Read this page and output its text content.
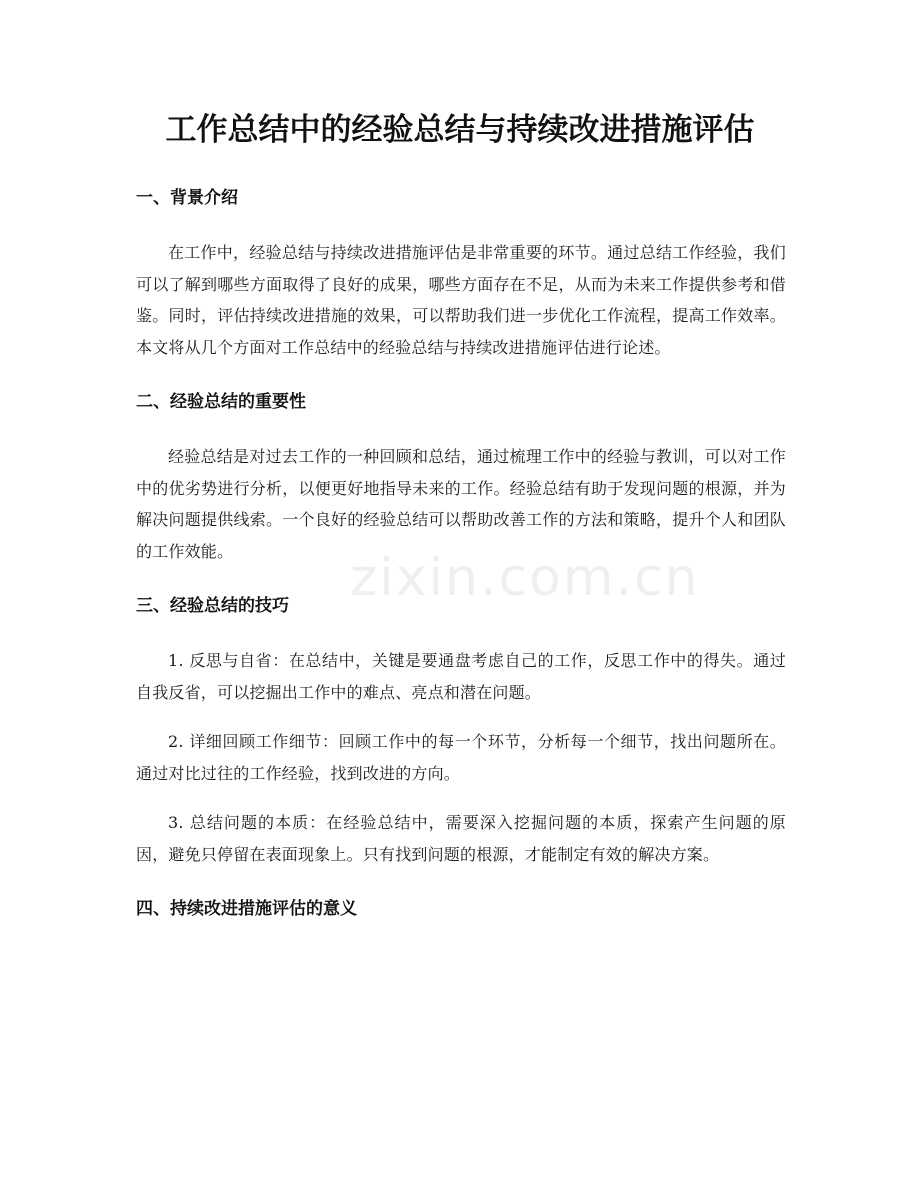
工作总结中的经验总结与持续改进措施评估
一、背景介绍

在工作中，经验总结与持续改进措施评估是非常重要的环节。通过总结工作经验，我们可以了解到哪些方面取得了良好的成果，哪些方面存在不足，从而为未来工作提供参考和借鉴。同时，评估持续改进措施的效果，可以帮助我们进一步优化工作流程，提高工作效率。本文将从几个方面对工作总结中的经验总结与持续改进措施评估进行论述。

二、经验总结的重要性

经验总结是对过去工作的一种回顾和总结，通过梳理工作中的经验与教训，可以对工作中的优劣势进行分析，以便更好地指导未来的工作。经验总结有助于发现问题的根源，并为解决问题提供线索。一个良好的经验总结可以帮助改善工作的方法和策略，提升个人和团队的工作效能。

三、经验总结的技巧

1. 反思与自省：在总结中，关键是要通盘考虑自己的工作，反思工作中的得失。通过自我反省，可以挖掘出工作中的难点、亮点和潜在问题。

2. 详细回顾工作细节：回顾工作中的每一个环节，分析每一个细节，找出问题所在。通过对比过往的工作经验，找到改进的方向。

3. 总结问题的本质：在经验总结中，需要深入挖掘问题的本质，探索产生问题的原因，避免只停留在表面现象上。只有找到问题的根源，才能制定有效的解决方案。

四、持续改进措施评估的意义
zixin.com.cn
